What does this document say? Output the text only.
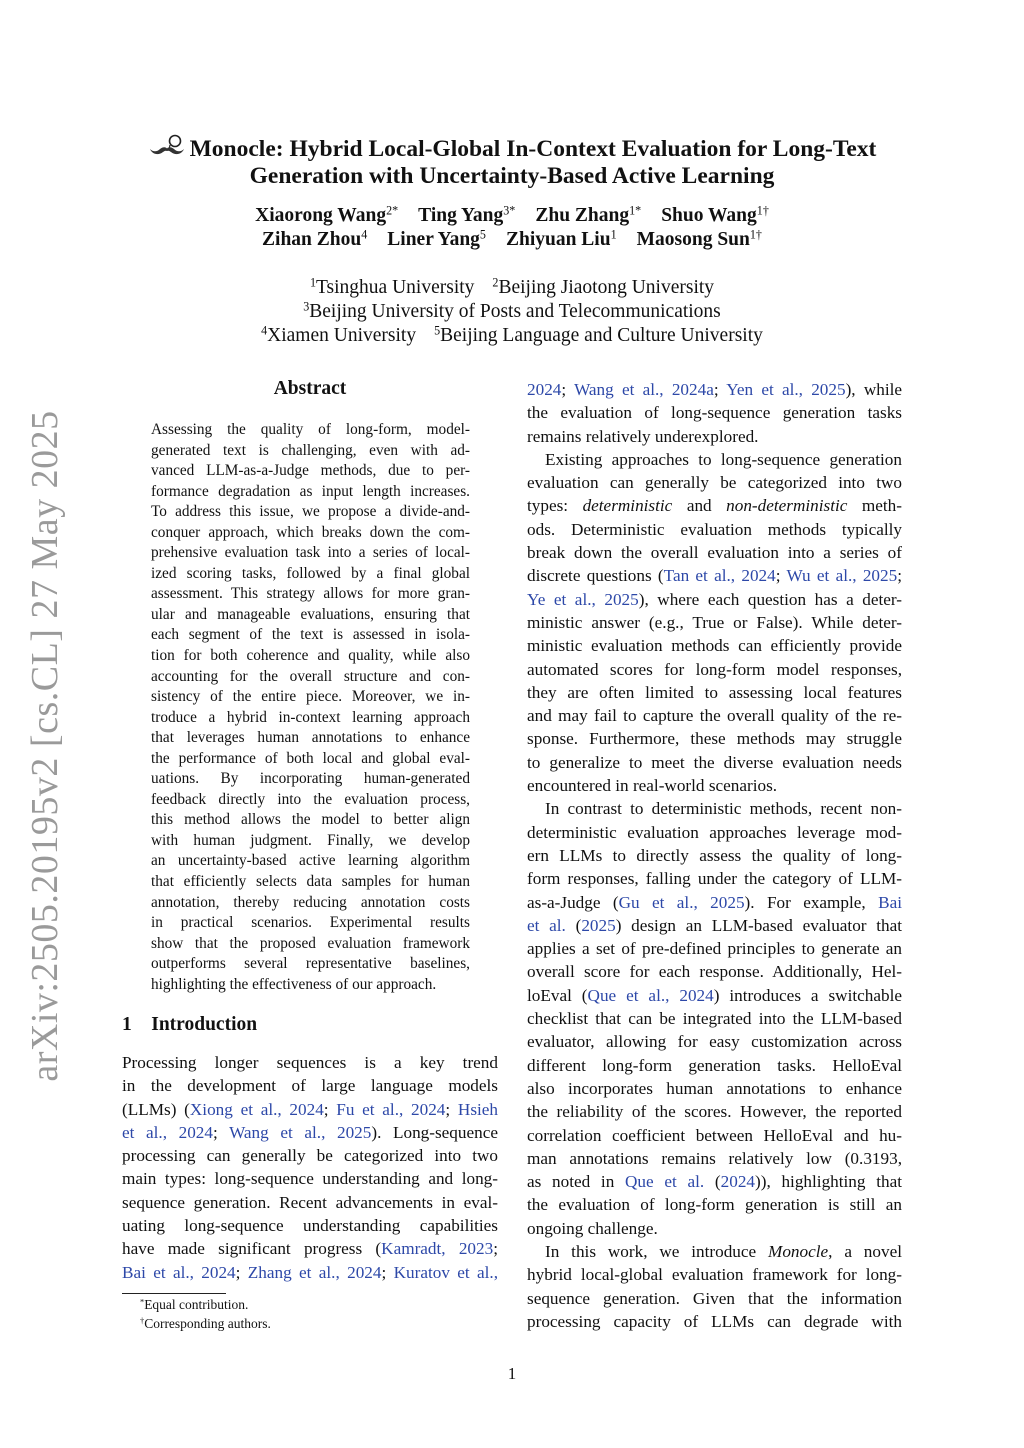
arXiv:2505.20195v2 [cs.CL] 27 May 2025
Monocle: Hybrid Local-Global In-Context Evaluation for Long-Text
Generation with Uncertainty-Based Active Learning
Xiaorong Wang$^{2*}$ Ting Yang$^{3*}$ Zhu Zhang$^{1*}$ Shuo Wang$^{1\dagger}$
Zihan Zhou$^4$ Liner Yang$^5$ Zhiyuan Liu$^1$ Maosong Sun$^{1\dagger}$
$^1$Tsinghua University $^2$Beijing Jiaotong University
$^3$Beijing University of Posts and Telecommunications
$^4$Xiamen University $^5$Beijing Language and Culture University
Abstract
Assessing the quality of long-form, model-
generated text is challenging, even with ad-
vanced LLM-as-a-Judge methods, due to per-
formance degradation as input length increases.
To address this issue, we propose a divide-and-
conquer approach, which breaks down the com-
prehensive evaluation task into a series of local-
ized scoring tasks, followed by a final global
assessment. This strategy allows for more gran-
ular and manageable evaluations, ensuring that
each segment of the text is assessed in isola-
tion for both coherence and quality, while also
accounting for the overall structure and con-
sistency of the entire piece. Moreover, we in-
troduce a hybrid in-context learning approach
that leverages human annotations to enhance
the performance of both local and global eval-
uations. By incorporating human-generated
feedback directly into the evaluation process,
this method allows the model to better align
with human judgment. Finally, we develop
an uncertainty-based active learning algorithm
that efficiently selects data samples for human
annotation, thereby reducing annotation costs
in practical scenarios. Experimental results
show that the proposed evaluation framework
outperforms several representative baselines,
highlighting the effectiveness of our approach.
1    Introduction
Processing longer sequences is a key trend
in the development of large language models
(LLMs) (Xiong et al., 2024; Fu et al., 2024; Hsieh
et al., 2024; Wang et al., 2025). Long-sequence
processing can generally be categorized into two
main types: long-sequence understanding and long-
sequence generation. Recent advancements in eval-
uating long-sequence understanding capabilities
have made significant progress (Kamradt, 2023;
Bai et al., 2024; Zhang et al., 2024; Kuratov et al.,
2024; Wang et al., 2024a; Yen et al., 2025), while
the evaluation of long-sequence generation tasks
remains relatively underexplored.
Existing approaches to long-sequence generation
evaluation can generally be categorized into two
types: deterministic and non-deterministic meth-
ods. Deterministic evaluation methods typically
break down the overall evaluation into a series of
discrete questions (Tan et al., 2024; Wu et al., 2025;
Ye et al., 2025), where each question has a deter-
ministic answer (e.g., True or False). While deter-
ministic evaluation methods can efficiently provide
automated scores for long-form model responses,
they are often limited to assessing local features
and may fail to capture the overall quality of the re-
sponse. Furthermore, these methods may struggle
to generalize to meet the diverse evaluation needs
encountered in real-world scenarios.
In contrast to deterministic methods, recent non-
deterministic evaluation approaches leverage mod-
ern LLMs to directly assess the quality of long-
form responses, falling under the category of LLM-
as-a-Judge (Gu et al., 2025). For example, Bai
et al. (2025) design an LLM-based evaluator that
applies a set of pre-defined principles to generate an
overall score for each response. Additionally, Hel-
loEval (Que et al., 2024) introduces a switchable
checklist that can be integrated into the LLM-based
evaluator, allowing for easy customization across
different long-form generation tasks. HelloEval
also incorporates human annotations to enhance
the reliability of the scores. However, the reported
correlation coefficient between HelloEval and hu-
man annotations remains relatively low (0.3193,
as noted in Que et al. (2024)), highlighting that
the evaluation of long-form generation is still an
ongoing challenge.
In this work, we introduce Monocle, a novel
hybrid local-global evaluation framework for long-
sequence generation. Given that the information
processing capacity of LLMs can degrade with
*Equal contribution.
†Corresponding authors.
1
